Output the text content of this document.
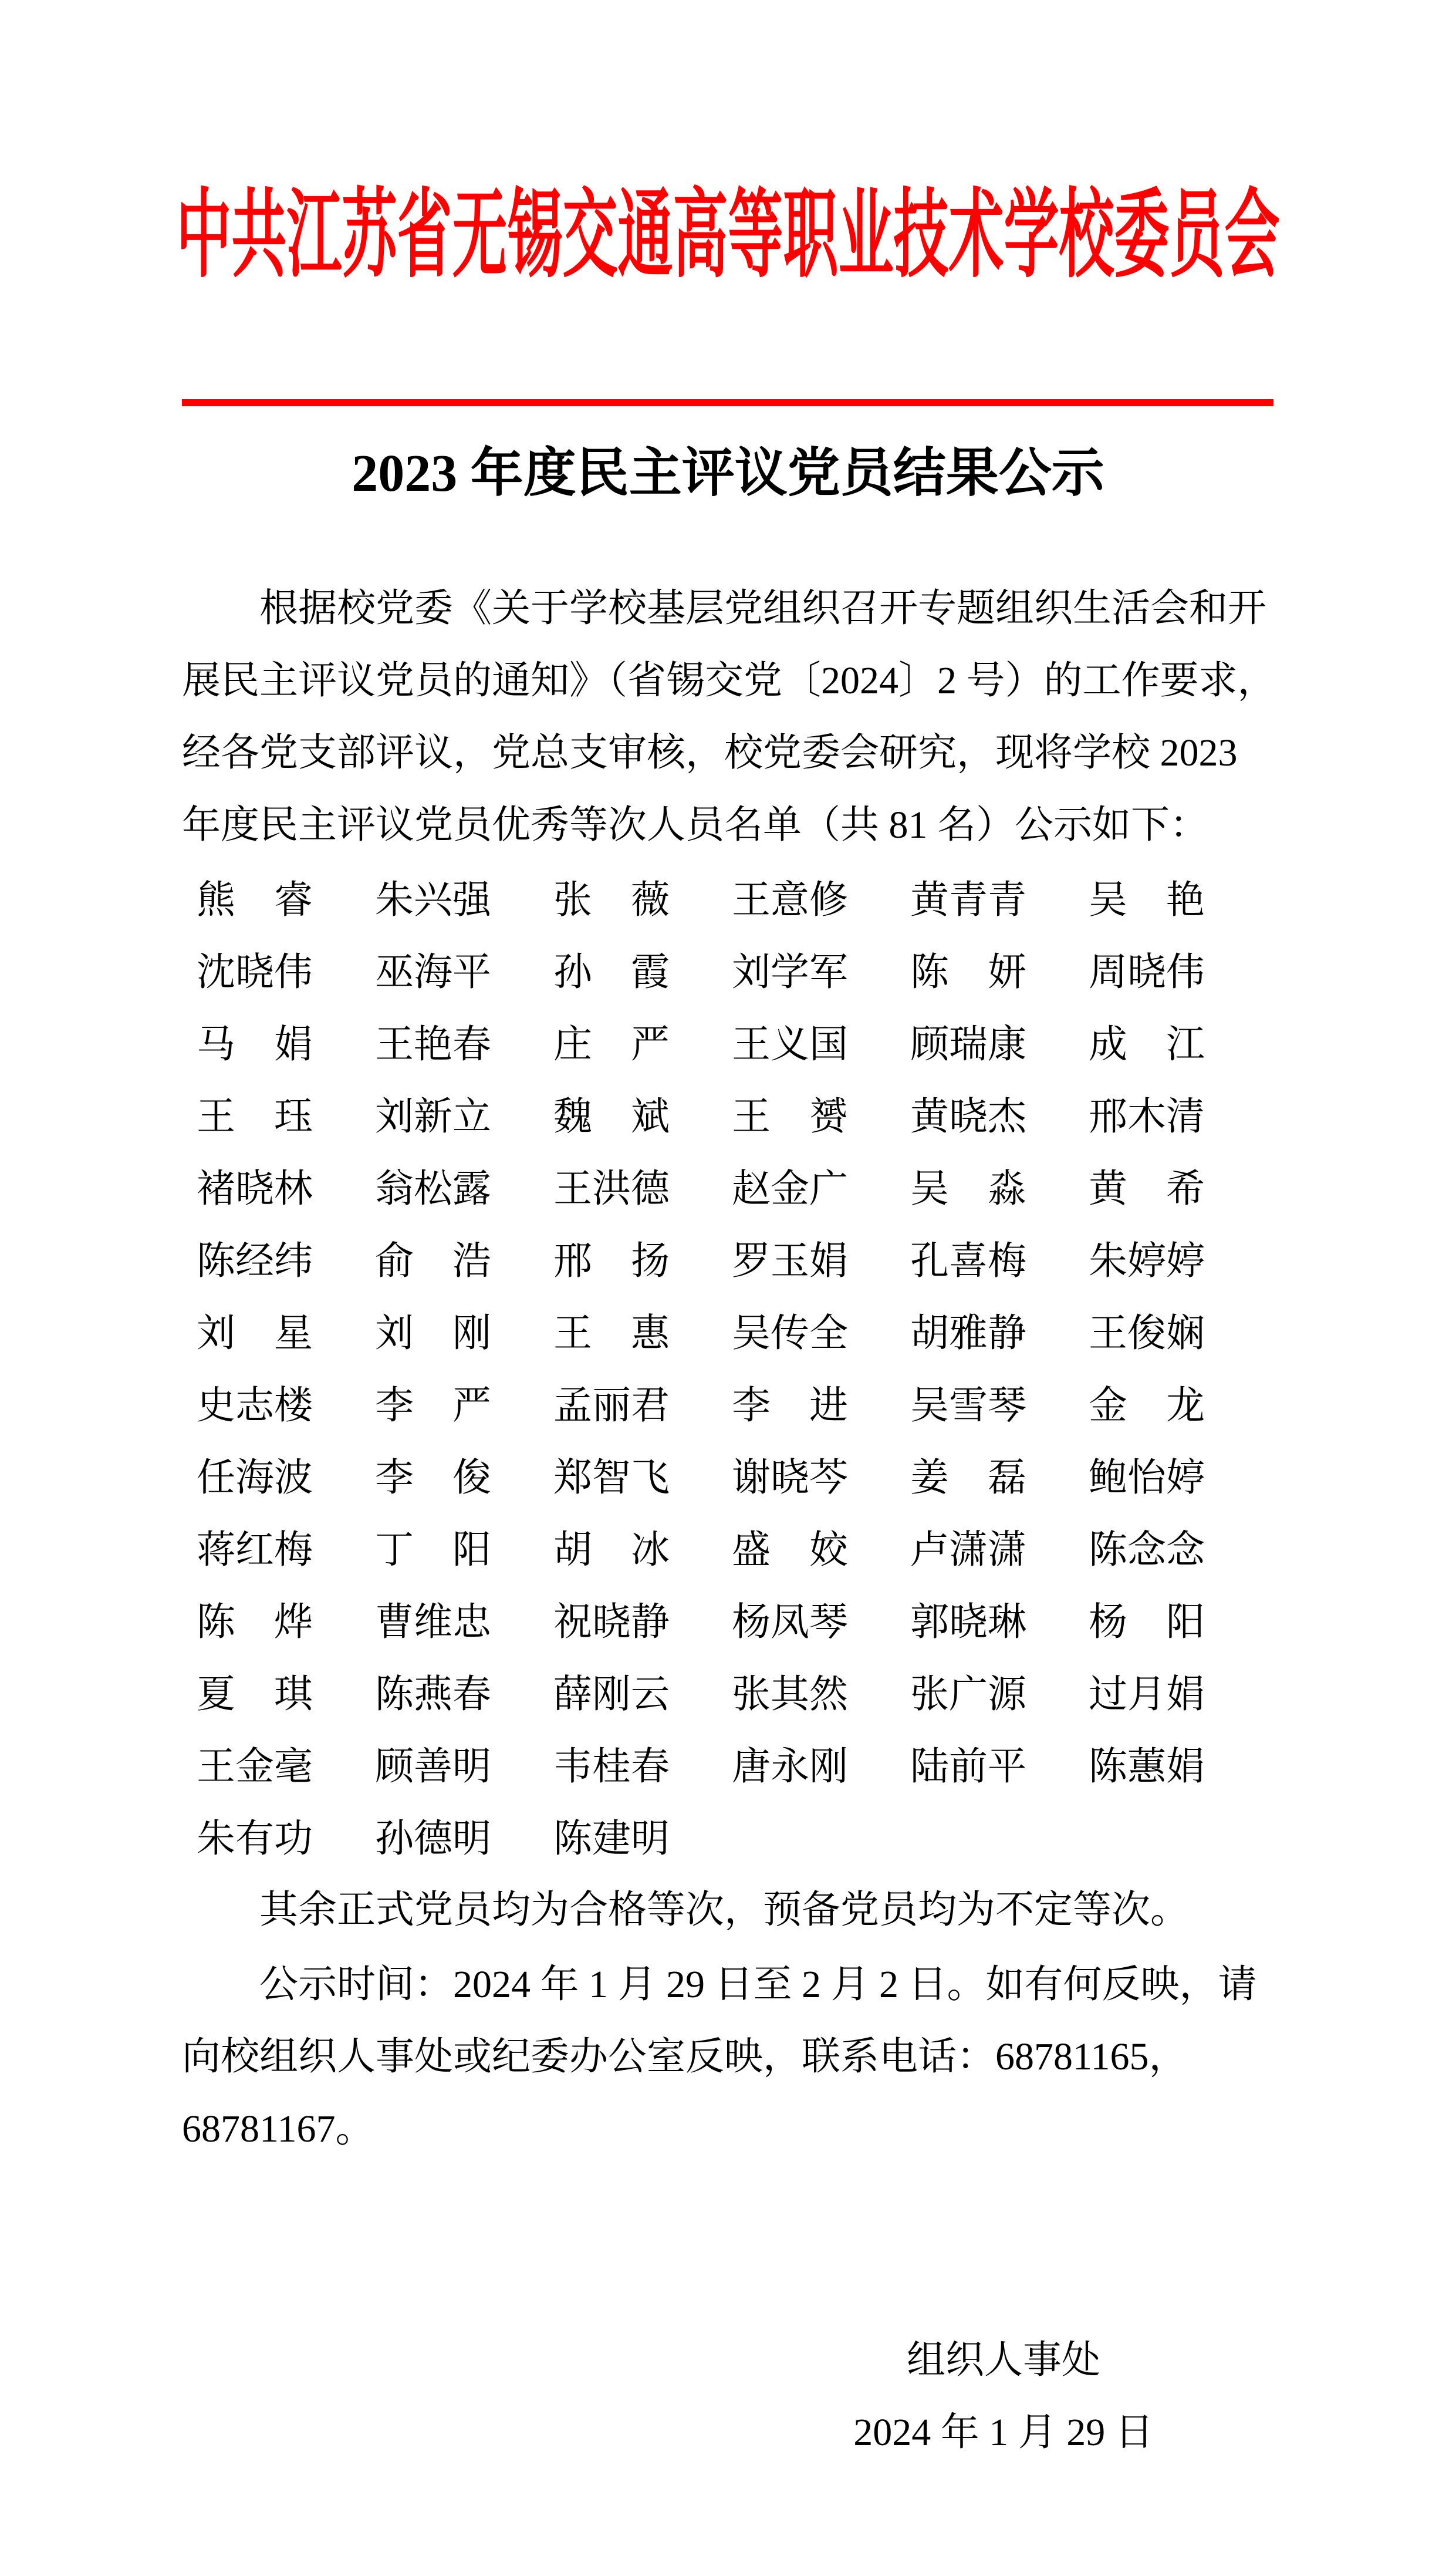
中共江苏省无锡交通高等职业技术学校委员会
2023 年度民主评议党员结果公示
根据校党委《关于学校基层党组织召开专题组织生活会和开
展民主评议党员的通知》（省锡交党〔2024〕2 号）的工作要求，
经各党支部评议，党总支审核，校党委会研究，现将学校 2023
年度民主评议党员优秀等次人员名单（共 81 名）公示如下：
熊　睿 朱兴强 张　薇 王意修 黄青青 吴　艳
沈晓伟 巫海平 孙　霞 刘学军 陈　妍 周晓伟
马　娟 王艳春 庄　严 王义国 顾瑞康 成　江
王　珏 刘新立 魏　斌 王　赟 黄晓杰 邢木清
褚晓林 翁松露 王洪德 赵金广 吴　淼 黄　希
陈经纬 俞　浩 邢　扬 罗玉娟 孔喜梅 朱婷婷
刘　星 刘　刚 王　惠 吴传全 胡雅静 王俊娴
史志楼 李　严 孟丽君 李　进 吴雪琴 金　龙
任海波 李　俊 郑智飞 谢晓芩 姜　磊 鲍怡婷
蒋红梅 丁　阳 胡　冰 盛　姣 卢潇潇 陈念念
陈　烨 曹维忠 祝晓静 杨凤琴 郭晓琳 杨　阳
夏　琪 陈燕春 薛刚云 张其然 张广源 过月娟
王金毫 顾善明 韦桂春 唐永刚 陆前平 陈蕙娟
朱有功 孙德明 陈建明
其余正式党员均为合格等次，预备党员均为不定等次。
公示时间：2024 年 1 月 29 日至 2 月 2 日。如有何反映，请
向校组织人事处或纪委办公室反映，联系电话：68781165，
68781167。
组织人事处
2024 年 1 月 29 日
